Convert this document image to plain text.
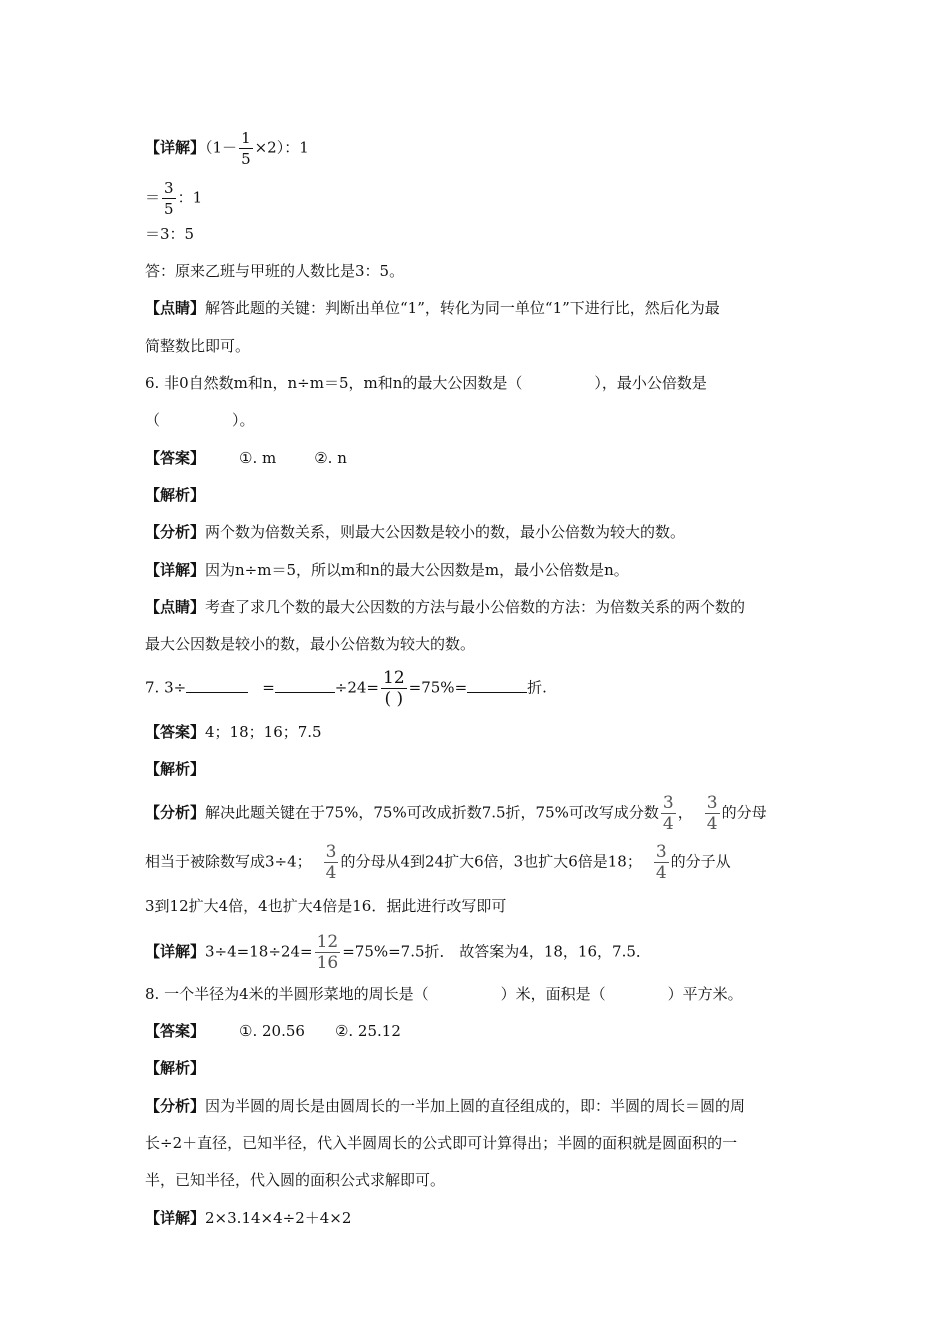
【详解】$(1- \frac{1}{5} \times 2)$：1
＝ $\frac{3}{5}$ ：1
＝3：5
答：原来乙班与甲班的人数比是3：5。
【点睛】解答此题的关键：判断出单位“1”，转化为同一单位“1”下进行比，然后化为最
简整数比即可。
6. 非0自然数m和n，n÷m＝5，m和n的最大公因数是（	），最小公倍数是
（	）。
【答案】 ①. m	②. n
【解析】
【分析】两个数为倍数关系，则最大公因数是较小的数，最小公倍数为较大的数。
【详解】因为n÷m＝5，所以m和n的最大公因数是m，最小公倍数是n。
【点睛】考查了求几个数的最大公因数的方法与最小公倍数的方法：为倍数关系的两个数的
最大公因数是较小的数，最小公倍数为较大的数。
7. 3÷	=	$\div 24= \frac{12}{( )} =75\%=$	折.
【答案】4；18；16；7.5
【解析】
【分析】解决此题关键在于75%，75%可改成折数7.5折，75%可改写成分数 $\frac{3}{4}$ ， $\frac{3}{4}$ 的分母
相当于被除数写成3÷4； $\frac{3}{4}$ 的分母从4到24扩大6倍，3也扩大6倍是18； $\frac{3}{4}$ 的分子从
3到12扩大4倍，4也扩大4倍是16．据此进行改写即可
【详解】$3\div 4=18\div 24= \frac{12}{16} =75\%=7.5$折． 故答案为4，18，16，7.5．
8. 一个半径为4米的半圆形菜地的周长是（	）米，面积是（	）平方米。
【答案】 ①. 20.56 ②. 25.12
【解析】
【分析】因为半圆的周长是由圆周长的一半加上圆的直径组成的，即：半圆的周长＝圆的周
长÷2＋直径，已知半径，代入半圆周长的公式即可计算得出；半圆的面积就是圆面积的一
半，已知半径，代入圆的面积公式求解即可。
【详解】2×3.14×4÷2＋4×2
